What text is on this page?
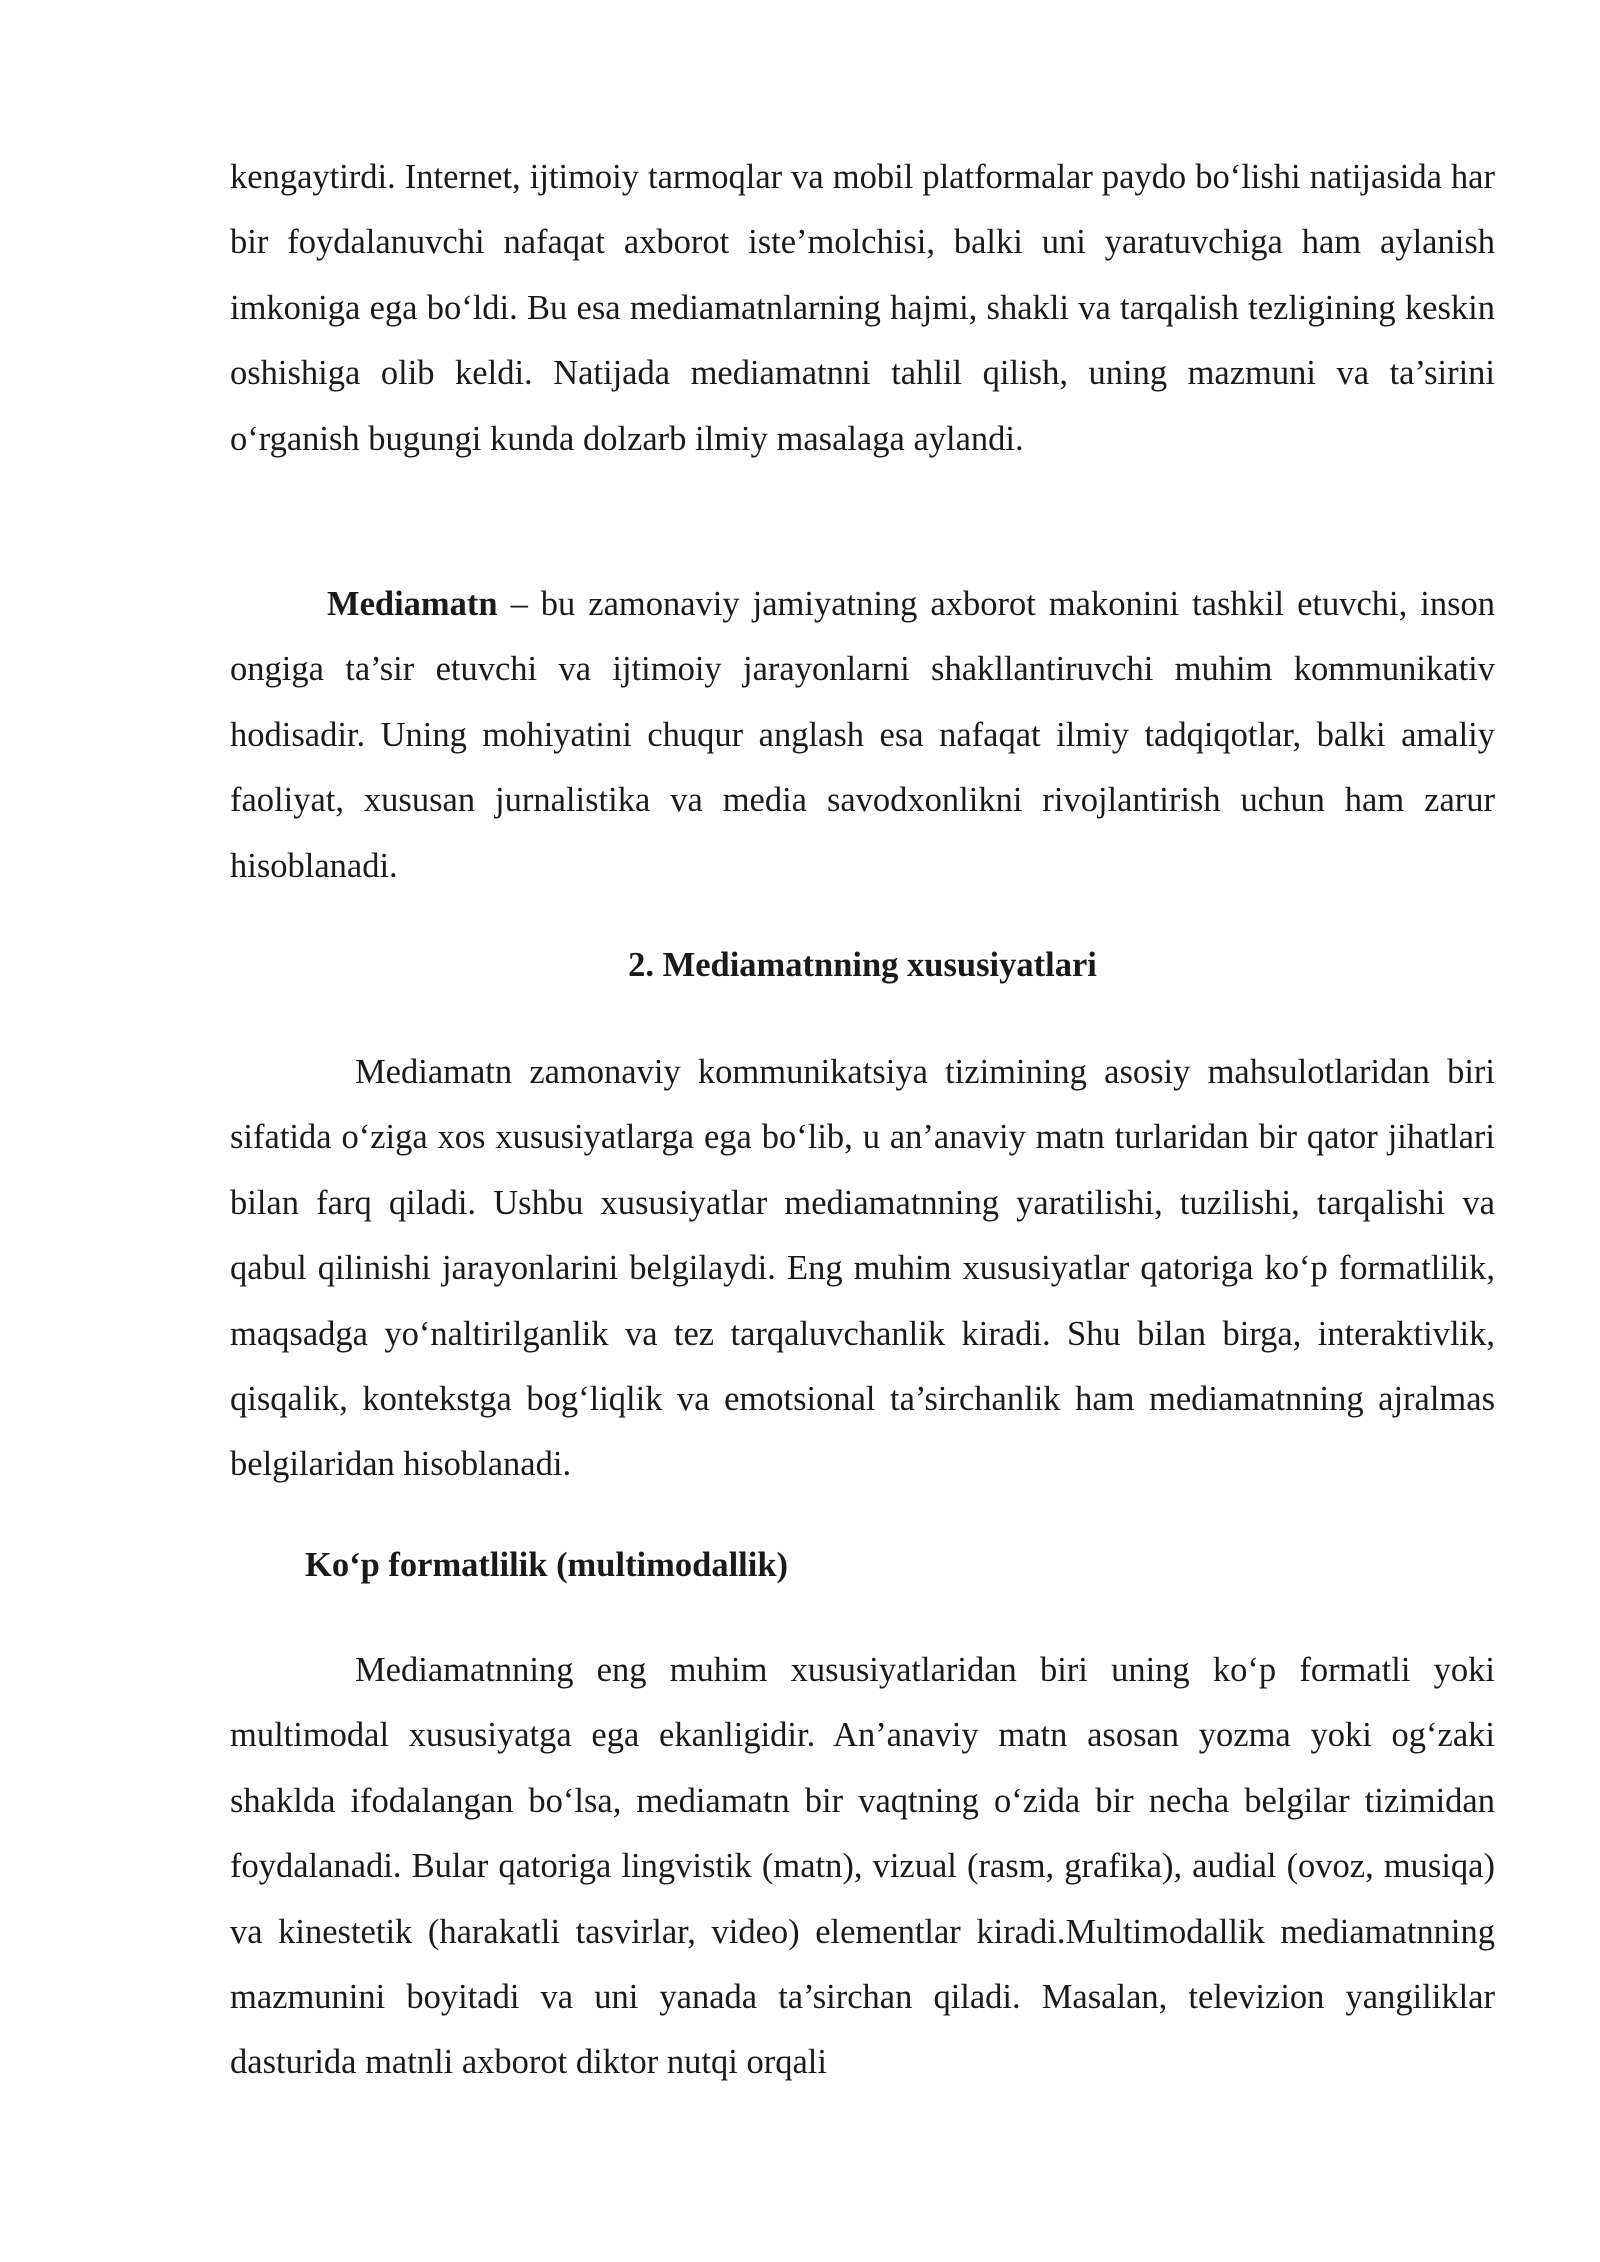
kengaytirdi. Internet, ijtimoiy tarmoqlar va mobil platformalar paydo bo‘lishi natijasida har bir foydalanuvchi nafaqat axborot iste’molchisi, balki uni yaratuvchiga ham aylanish imkoniga ega bo‘ldi. Bu esa mediamatnlarning hajmi, shakli va tarqalish tezligining keskin oshishiga olib keldi. Natijada mediamatnni tahlil qilish, uning mazmuni va ta’sirini o‘rganish bugungi kunda dolzarb ilmiy masalaga aylandi.

Mediamatn – bu zamonaviy jamiyatning axborot makonini tashkil etuvchi, inson ongiga ta’sir etuvchi va ijtimoiy jarayonlarni shakllantiruvchi muhim kommunikativ hodisadir. Uning mohiyatini chuqur anglash esa nafaqat ilmiy tadqiqotlar, balki amaliy faoliyat, xususan jurnalistika va media savodxonlikni rivojlantirish uchun ham zarur hisoblanadi.

2. Mediamatnning xususiyatlari

Mediamatn zamonaviy kommunikatsiya tizimining asosiy mahsulotlaridan biri sifatida o‘ziga xos xususiyatlarga ega bo‘lib, u an’anaviy matn turlaridan bir qator jihatlari bilan farq qiladi. Ushbu xususiyatlar mediamatnning yaratilishi, tuzilishi, tarqalishi va qabul qilinishi jarayonlarini belgilaydi. Eng muhim xususiyatlar qatoriga ko‘p formatlilik, maqsadga yo‘naltirilganlik va tez tarqaluvchanlik kiradi. Shu bilan birga, interaktivlik, qisqalik, kontekstga bog‘liqlik va emotsional ta’sirchanlik ham mediamatnning ajralmas belgilaridan hisoblanadi.

Ko‘p formatlilik (multimodallik)

Mediamatnning eng muhim xususiyatlaridan biri uning ko‘p formatli yoki multimodal xususiyatga ega ekanligidir. An’anaviy matn asosan yozma yoki og‘zaki shaklda ifodalangan bo‘lsa, mediamatn bir vaqtning o‘zida bir necha belgilar tizimidan foydalanadi. Bular qatoriga lingvistik (matn), vizual (rasm, grafika), audial (ovoz, musiqa) va kinestetik (harakatli tasvirlar, video) elementlar kiradi.Multimodallik mediamatnning mazmunini boyitadi va uni yanada ta’sirchan qiladi. Masalan, televizion yangiliklar dasturida matnli axborot diktor nutqi orqali
